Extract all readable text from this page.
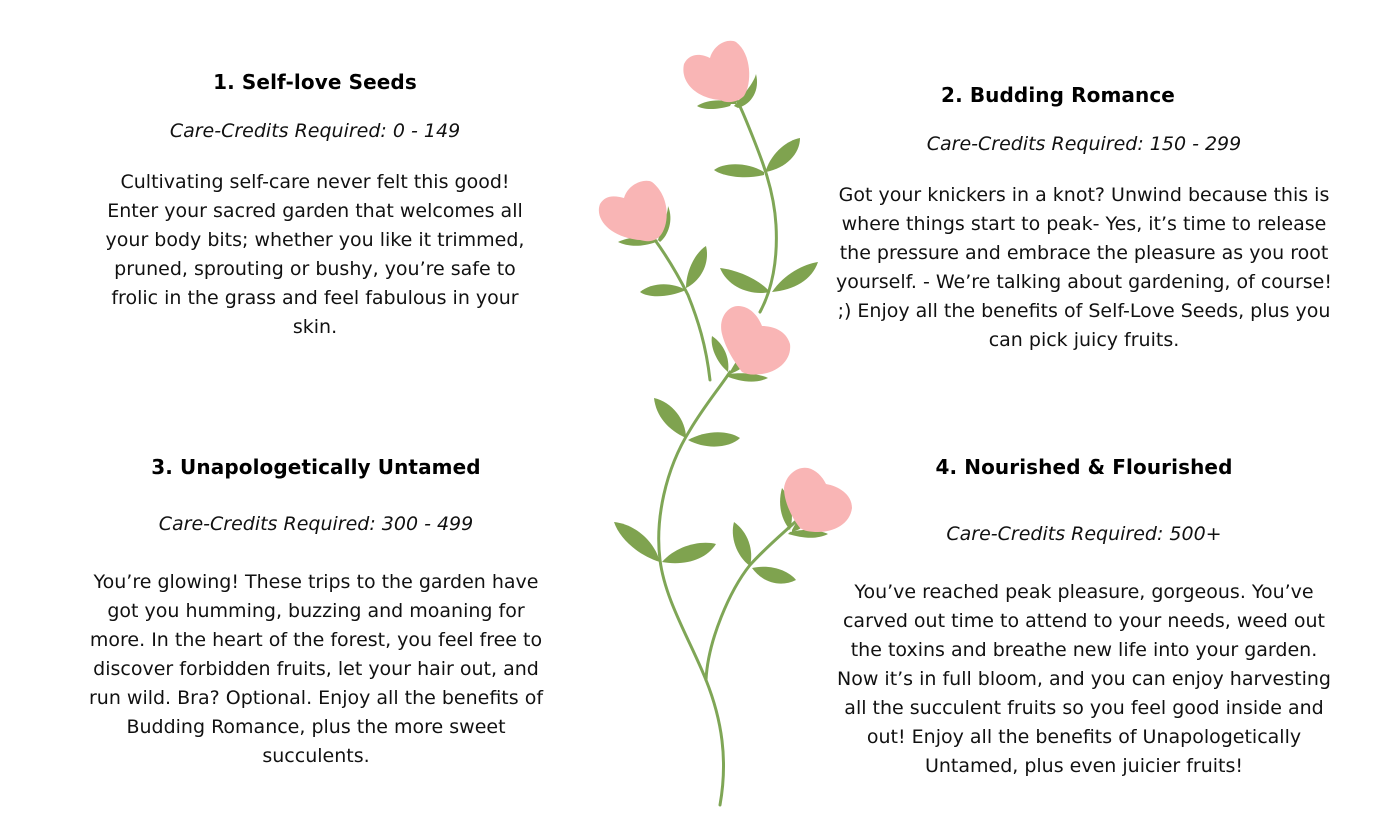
1. Self-love Seeds
Care-Credits Required: 0 - 149

Cultivating self-care never felt this good! Enter your sacred garden that welcomes all your body bits; whether you like it trimmed, pruned, sprouting or bushy, you’re safe to frolic in the grass and feel fabulous in your skin.

2. Budding Romance
Care-Credits Required: 150 - 299

Got your knickers in a knot? Unwind because this is where things start to peak- Yes, it’s time to release the pressure and embrace the pleasure as you root yourself. - We’re talking about gardening, of course! ;) Enjoy all the benefits of Self-Love Seeds, plus you can pick juicy fruits.

3. Unapologetically Untamed
Care-Credits Required: 300 - 499

You’re glowing! These trips to the garden have got you humming, buzzing and moaning for more. In the heart of the forest, you feel free to discover forbidden fruits, let your hair out, and run wild. Bra? Optional. Enjoy all the benefits of Budding Romance, plus the more sweet succulents.

4. Nourished & Flourished
Care-Credits Required: 500+

You’ve reached peak pleasure, gorgeous. You’ve carved out time to attend to your needs, weed out the toxins and breathe new life into your garden. Now it’s in full bloom, and you can enjoy harvesting all the succulent fruits so you feel good inside and out! Enjoy all the benefits of Unapologetically Untamed, plus even juicier fruits!
